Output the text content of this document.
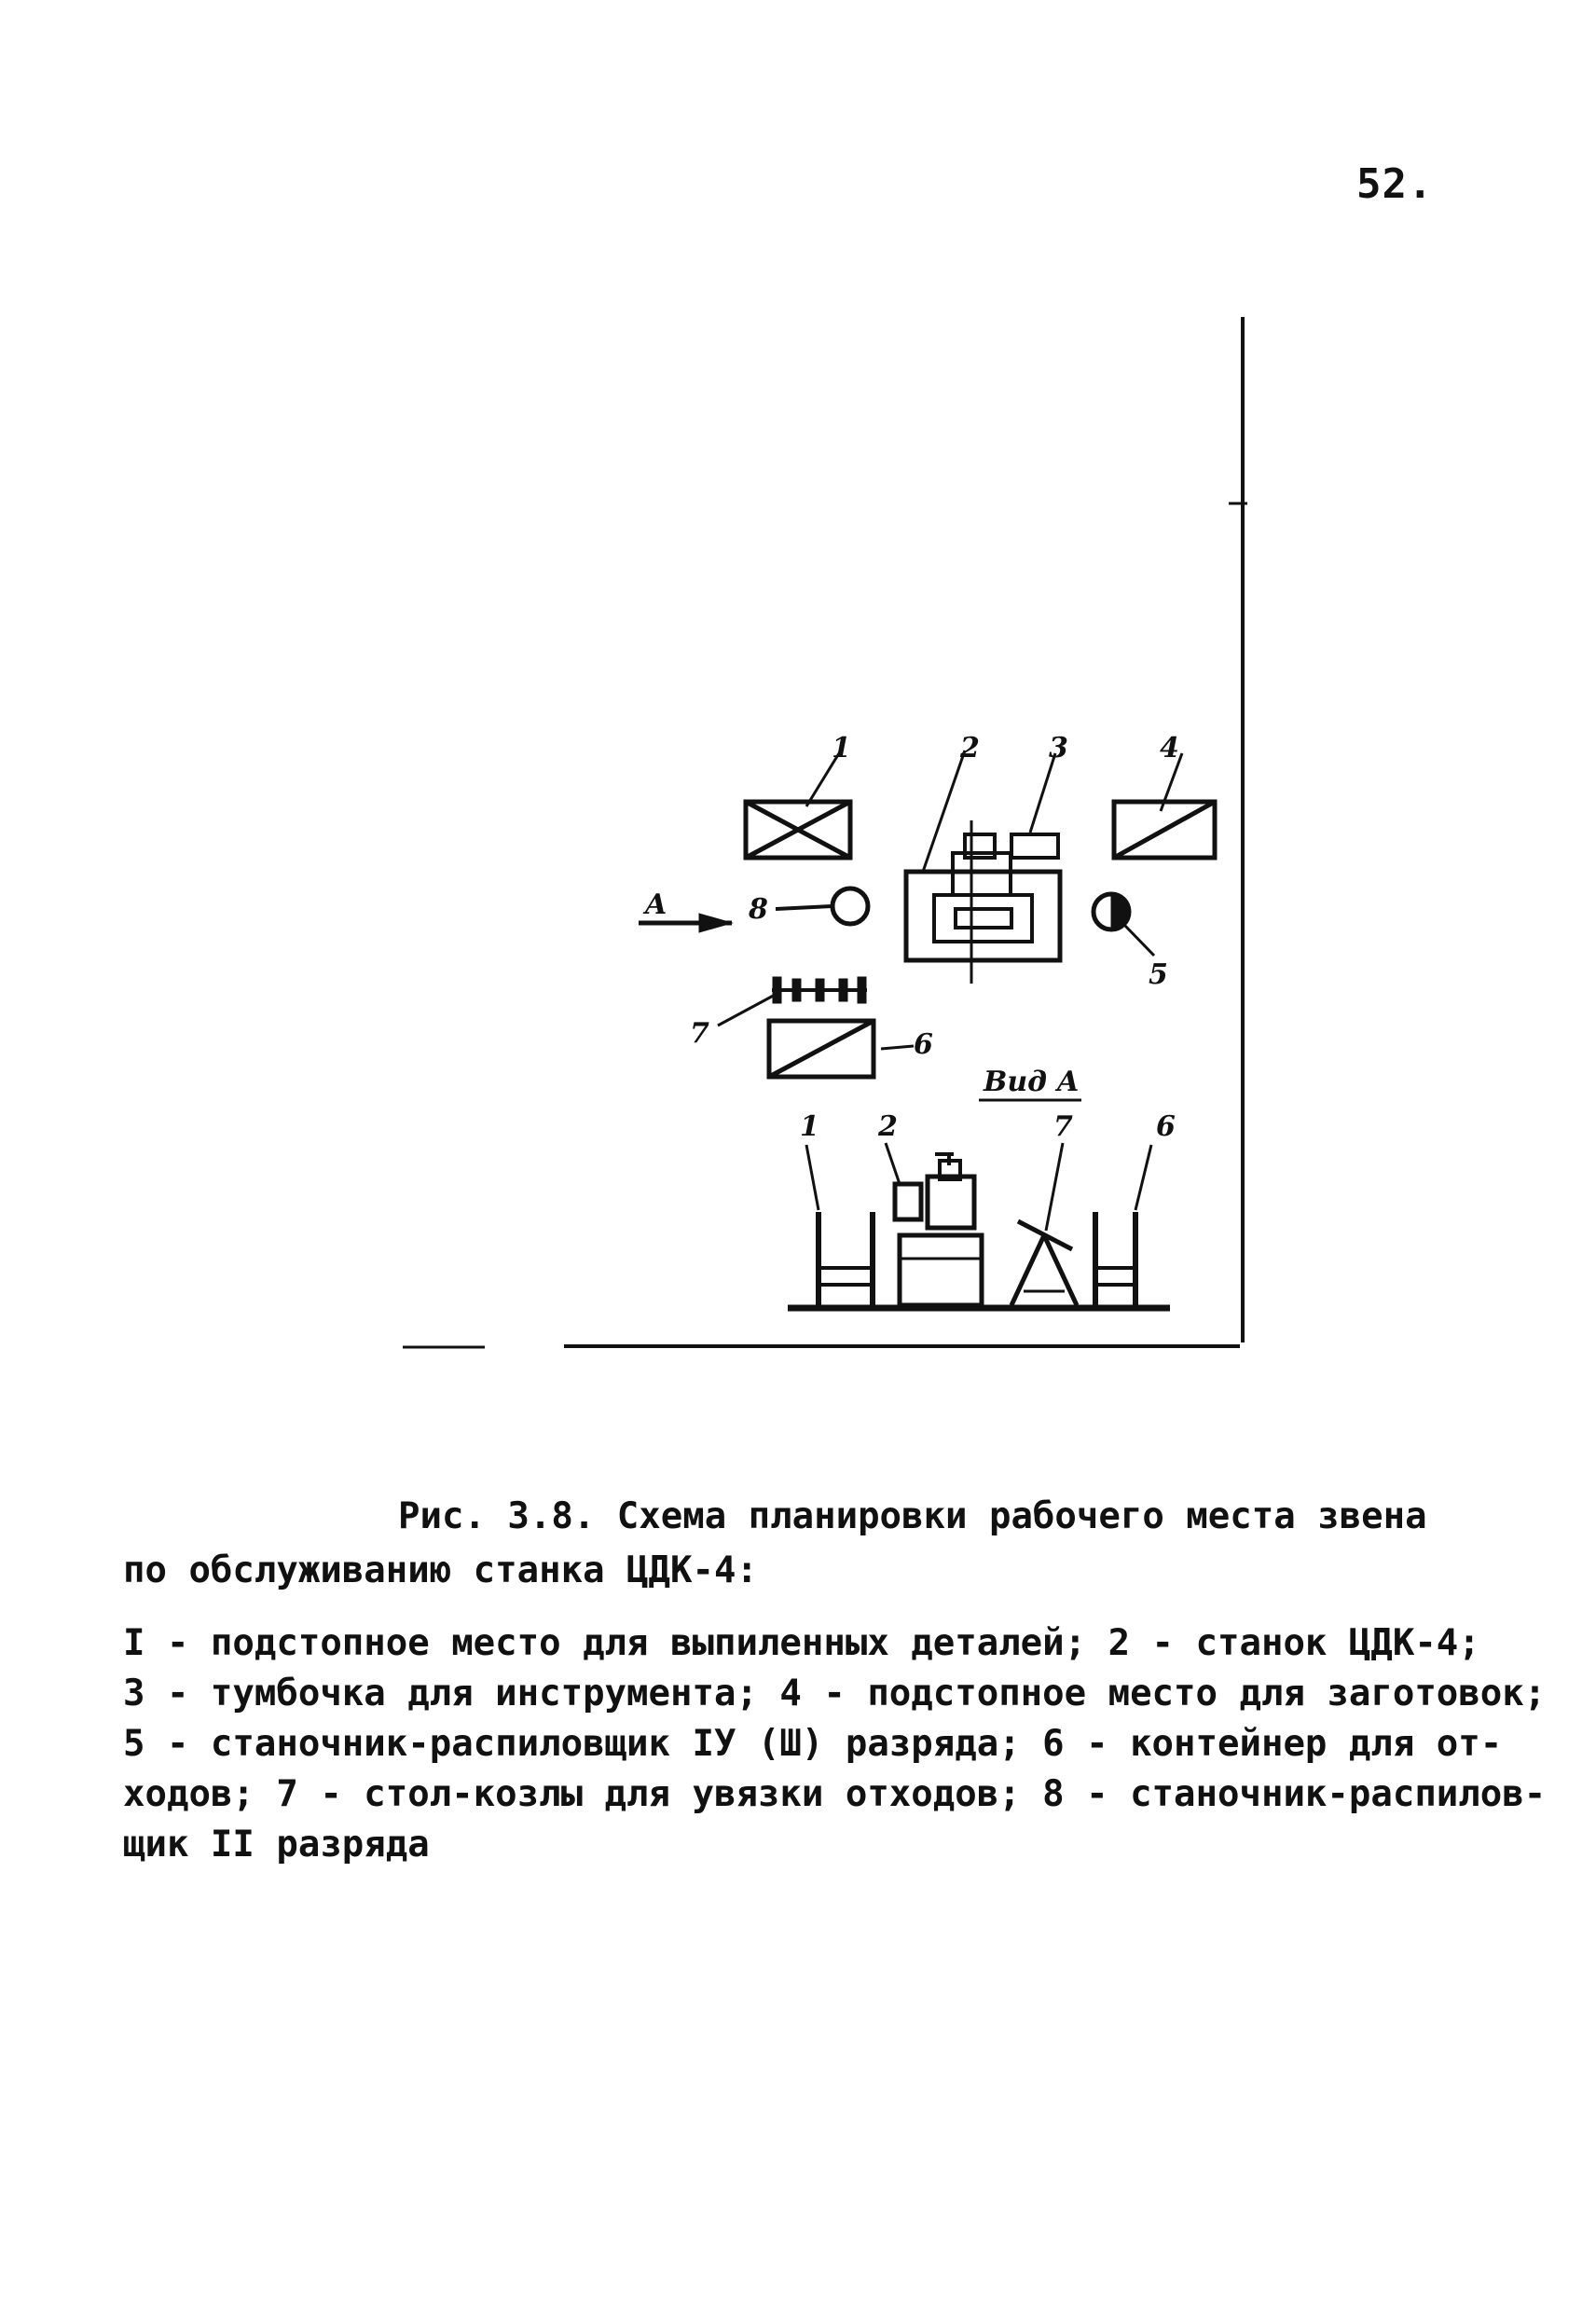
52.
1	2 3	4
5
8
A
7	6
Вид А
1 2	7	6
Рис. 3.8. Схема планировки рабочего места звена
по обслуживанию станка ЦДК-4:
I - подстопное место для выпиленных деталей; 2 - станок ЦДК-4;
3 - тумбочка для инструмента; 4 - подстопное место для заготовок;
5 - станочник-распиловщик IУ (Ш) разряда; 6 - контейнер для от-
ходов; 7 - стол-козлы для увязки отходов; 8 - станочник-распилов-
щик II разряда
